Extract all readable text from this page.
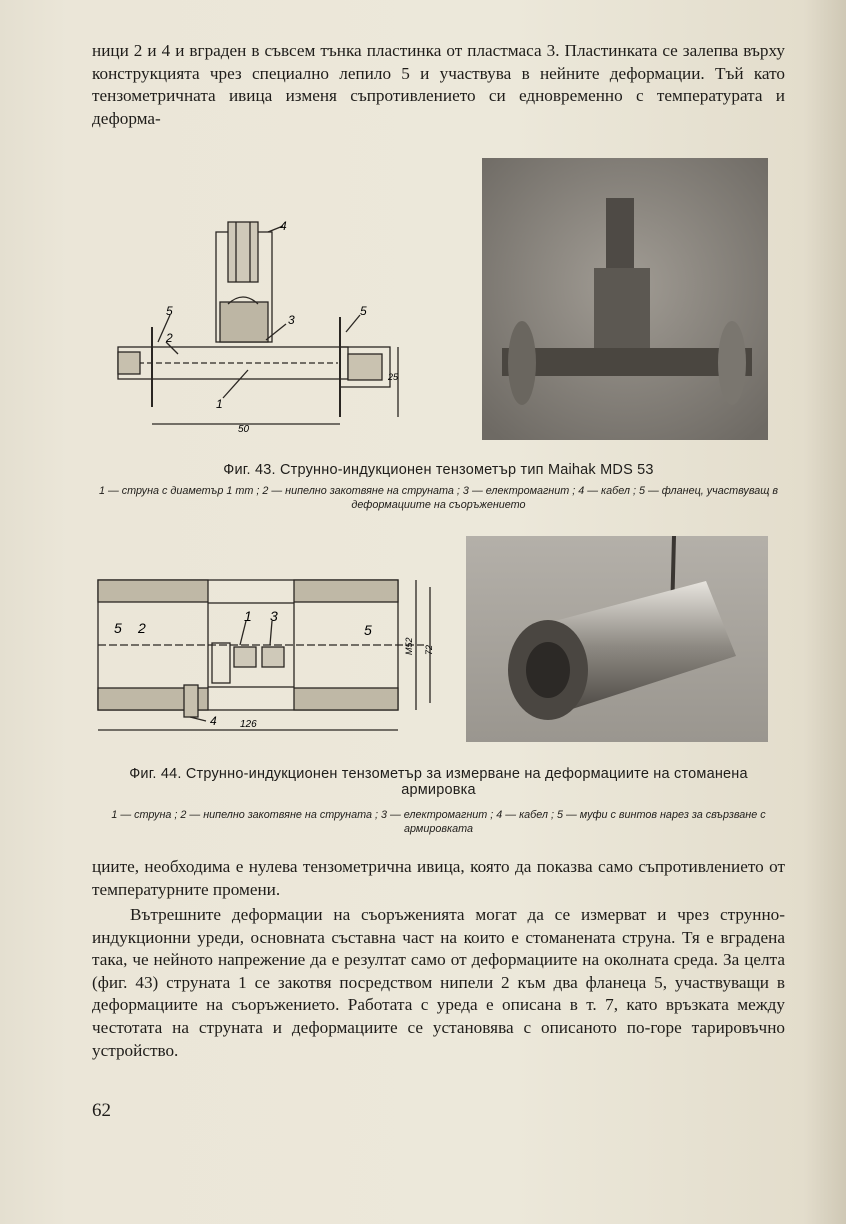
ници 2 и 4 и вграден в съвсем тънка пластинка от пластмаса 3. Пластинката се залепва върху конструкцията чрез специално лепило 5 и участвува в нейните деформации. Тъй като тензометричната ивица изменя съпротивлението си едновременно с температурата и деформа-

4
5	5
2
3
1
50
25

Фиг. 43. Струнно-индукционен тензометър тип Maihak MDS 53

1 — струна с диаметър 1 mm ; 2 — нипелно закотвяне на струната ; 3 — електромагнит ; 4 — кабел ; 5 — фланец, участвуващ в деформациите на съоръжението

5 2
1 3
5
4 126
M52 72

Фиг. 44. Струнно-индукционен тензометър за измерване на деформациите на стоманена армировка

1 — струна ; 2 — нипелно закотвяне на струната ; 3 — електромагнит ; 4 — кабел ; 5 — муфи с винтов нарез за свързване с армировката

циите, необходима е нулева тензометрична ивица, която да показва само съпротивлението от температурните промени.

Вътрешните деформации на съоръженията могат да се измерват и чрез струнно-индукционни уреди, основната съставна част на които е стоманената струна. Тя е вградена така, че нейното напрежение да е резултат само от деформациите на околната среда. За целта (фиг. 43) струната 1 се закотвя посредством нипели 2 към два фланеца 5, участвуващи в деформациите на съоръжението. Работата с уреда е описана в т. 7, като връзката между честотата на струната и деформациите се установява с описаното по-горе тарировъчно устройство.

62
